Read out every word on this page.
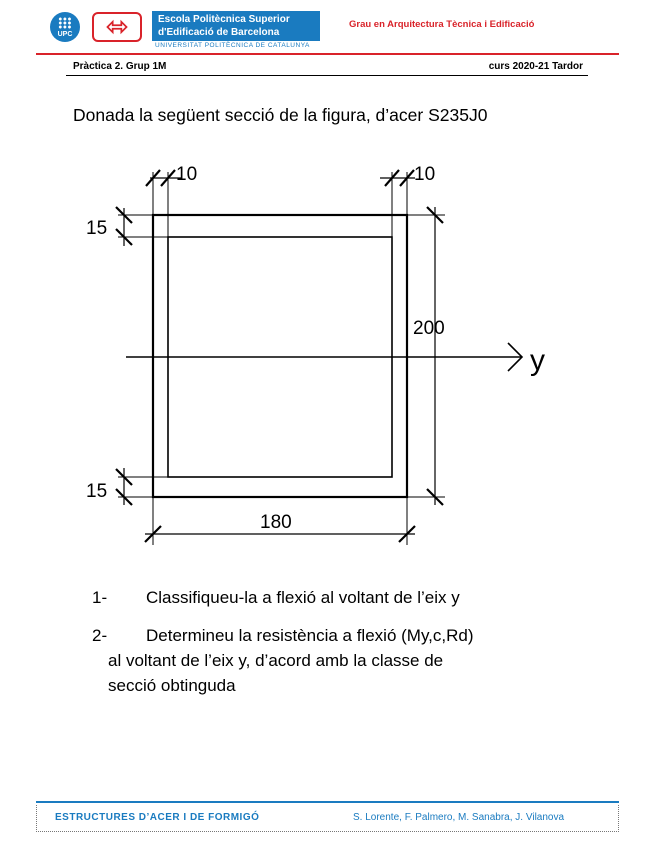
UPC
Escola Politècnica Superior
d'Edificació de Barcelona
UNIVERSITAT POLITÈCNICA DE CATALUNYA
Grau en Arquitectura Tècnica i Edificació
Pràctica 2. Grup 1M	curs 2020-21 Tardor
Donada la següent secció de la figura, d’acer S235J0
y
10	10
15
15
200
180
1- Classifiqueu-la a flexió al voltant de l’eix y
2- Determineu la resistència a flexió (My,c,Rd)
al voltant de l’eix y, d’acord amb la classe de
secció obtinguda
ESTRUCTURES D’ACER I DE FORMIGÓ	S. Lorente, F. Palmero, M. Sanabra, J. Vilanova
